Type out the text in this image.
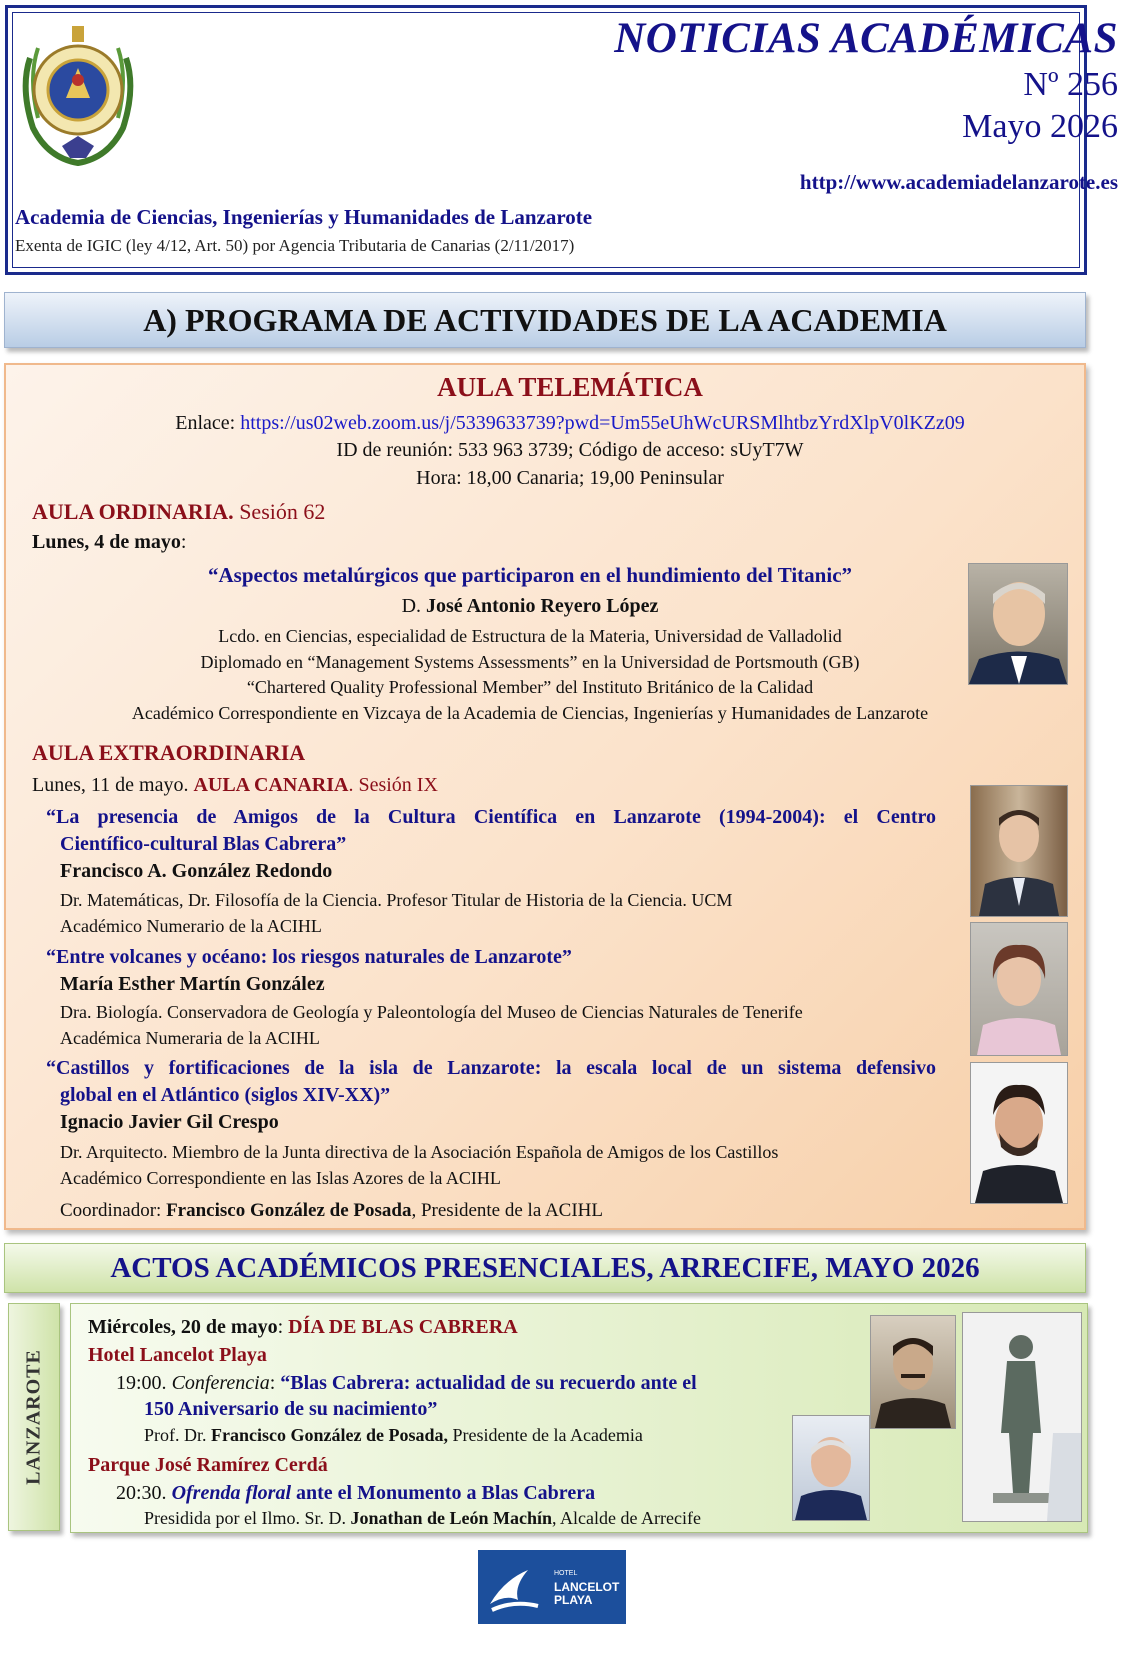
NOTICIAS ACADÉMICAS
Nº 256
Mayo 2026
http://www.academiadelanzarote.es
Academia de Ciencias, Ingenierías y Humanidades de Lanzarote
Exenta de IGIC (ley 4/12, Art. 50) por Agencia Tributaria de Canarias (2/11/2017)
A) PROGRAMA DE ACTIVIDADES DE LA ACADEMIA
AULA TELEMÁTICA
Enlace: https://us02web.zoom.us/j/5339633739?pwd=Um55eUhWcURSMlhtbzYrdXlpV0lKZz09
ID de reunión: 533 963 3739; Código de acceso: sUyT7W
Hora: 18,00 Canaria; 19,00 Peninsular
AULA ORDINARIA. Sesión 62
Lunes, 4 de mayo:
“Aspectos metalúrgicos que participaron en el hundimiento del Titanic”
D. José Antonio Reyero López
Lcdo. en Ciencias, especialidad de Estructura de la Materia, Universidad de Valladolid
Diplomado en “Management Systems Assessments” en la Universidad de Portsmouth (GB)
“Chartered Quality Professional Member” del Instituto Británico de la Calidad
Académico Correspondiente en Vizcaya de la Academia de Ciencias, Ingenierías y Humanidades de Lanzarote
AULA EXTRAORDINARIA
Lunes, 11 de mayo. AULA CANARIA. Sesión IX
“La presencia de Amigos de la Cultura Científica en Lanzarote (1994-2004): el Centro
Científico-cultural Blas Cabrera”
Francisco A. González Redondo
Dr. Matemáticas, Dr. Filosofía de la Ciencia. Profesor Titular de Historia de la Ciencia. UCM
Académico Numerario de la ACIHL
“Entre volcanes y océano: los riesgos naturales de Lanzarote”
María Esther Martín González
Dra. Biología. Conservadora de Geología y Paleontología del Museo de Ciencias Naturales de Tenerife
Académica Numeraria de la ACIHL
“Castillos y fortificaciones de la isla de Lanzarote: la escala local de un sistema defensivo
global en el Atlántico (siglos XIV-XX)”
Ignacio Javier Gil Crespo
Dr. Arquitecto. Miembro de la Junta directiva de la Asociación Española de Amigos de los Castillos
Académico Correspondiente en las Islas Azores de la ACIHL
Coordinador: Francisco González de Posada, Presidente de la ACIHL
ACTOS ACADÉMICOS PRESENCIALES, ARRECIFE, MAYO 2026
LANZAROTE
Miércoles, 20 de mayo: DÍA DE BLAS CABRERA
Hotel Lancelot Playa
19:00. Conferencia: “Blas Cabrera: actualidad de su recuerdo ante el
150 Aniversario de su nacimiento”
Prof. Dr. Francisco González de Posada, Presidente de la Academia
Parque José Ramírez Cerdá
20:30. Ofrenda floral ante el Monumento a Blas Cabrera
Presidida por el Ilmo. Sr. D. Jonathan de León Machín, Alcalde de Arrecife
HOTEL
LANCELOT
PLAYA
